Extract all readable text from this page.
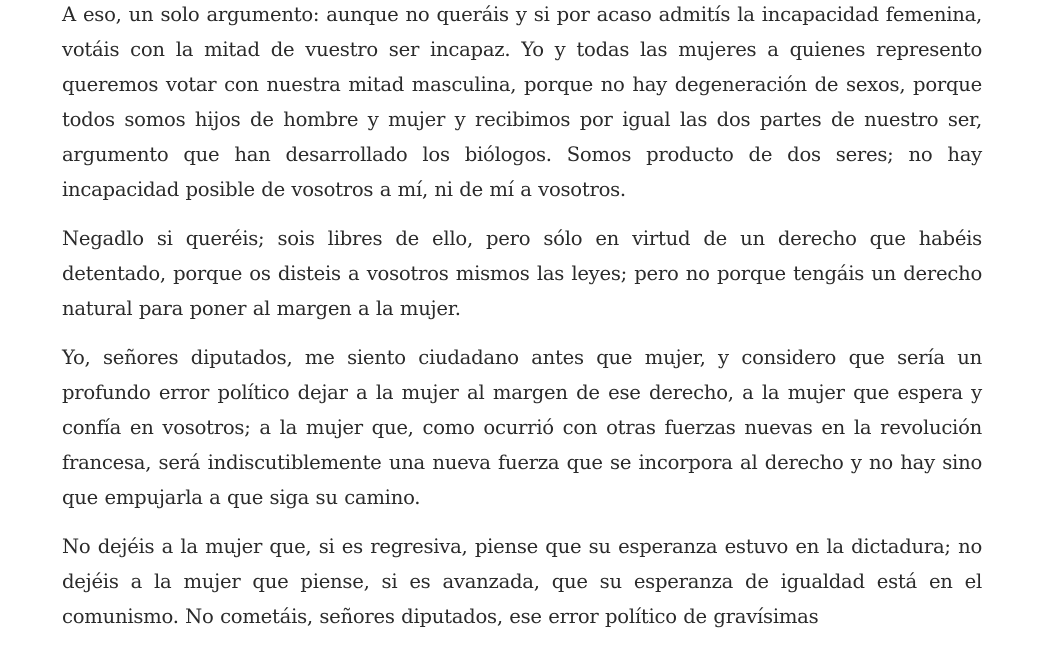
A eso, un solo argumento: aunque no queráis y si por acaso admitís la incapacidad femenina, votáis con la mitad de vuestro ser incapaz. Yo y todas las mujeres a quienes represento queremos votar con nuestra mitad masculina, porque no hay degeneración de sexos, porque todos somos hijos de hombre y mujer y recibimos por igual las dos partes de nuestro ser, argumento que han desarrollado los biólogos. Somos producto de dos seres; no hay incapacidad posible de vosotros a mí, ni de mí a vosotros.

Negadlo si queréis; sois libres de ello, pero sólo en virtud de un derecho que habéis detentado, porque os disteis a vosotros mismos las leyes; pero no porque tengáis un derecho natural para poner al margen a la mujer.

Yo, señores diputados, me siento ciudadano antes que mujer, y considero que sería un profundo error político dejar a la mujer al margen de ese derecho, a la mujer que espera y confía en vosotros; a la mujer que, como ocurrió con otras fuerzas nuevas en la revolución francesa, será indiscutiblemente una nueva fuerza que se incorpora al derecho y no hay sino que empujarla a que siga su camino.

No dejéis a la mujer que, si es regresiva, piense que su esperanza estuvo en la dictadura; no dejéis a la mujer que piense, si es avanzada, que su esperanza de igualdad está en el comunismo. No cometáis, señores diputados, ese error político de gravísimas
